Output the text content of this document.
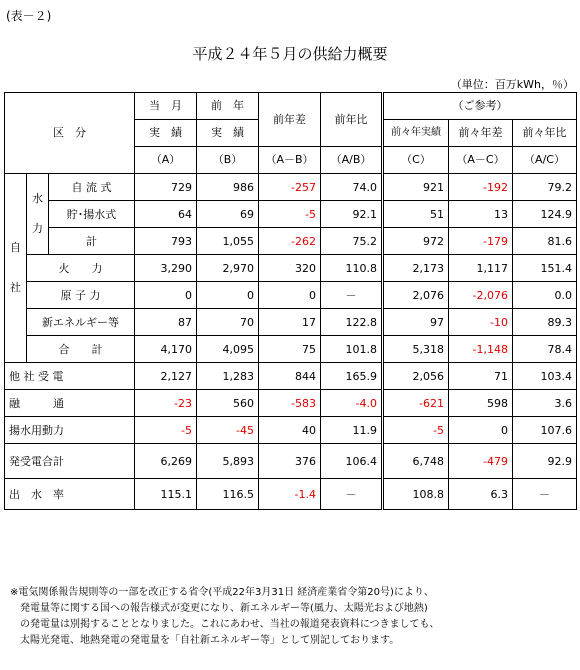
(表－２)
平成２４年５月の供給力概要
（単位：百万kWh，％）
区　分			当　月	前　年	前年差	前年比	（ご参考）		
			実　績	実　績			前々年実績	前々年差	前々年比
			（A）	（B）	（A－B）	（A/B）	（C）	（A－C）	（A/C）
自
社	水
力	自 流 式	729	986	-257	74.0	921	-192	79.2
		貯･揚水式	64	69	-5	92.1	51	13	124.9
		計	793	1,055	-262	75.2	972	-179	81.6
	火　　力		3,290	2,970	320	110.8	2,173	1,117	151.4
	原 子 力		0	0	0	－	2,076	-2,076	0.0
	新エネルギー等		87	70	17	122.8	97	-10	89.3
	合　　計		4,170	4,095	75	101.8	5,318	-1,148	78.4
他 社 受 電			2,127	1,283	844	165.9	2,056	71	103.4
融　　　通			-23	560	-583	-4.0	-621	598	3.6
揚水用動力			-5	-45	40	11.9	-5	0	107.6
発受電合計			6,269	5,893	376	106.4	6,748	-479	92.9
出　水　率			115.1	116.5	-1.4	－	108.8	6.3	－
※電気関係報告規則等の一部を改正する省令(平成22年3月31日 経済産業省令第20号)により、
　発電量等に関する国への報告様式が変更になり、新エネルギー等(風力、太陽光および地熱)
　の発電量は別掲することとなりました。これにあわせ、当社の報道発表資料につきましても、
　太陽光発電、地熱発電の発電量を「自社新エネルギー等」として別記しております。
